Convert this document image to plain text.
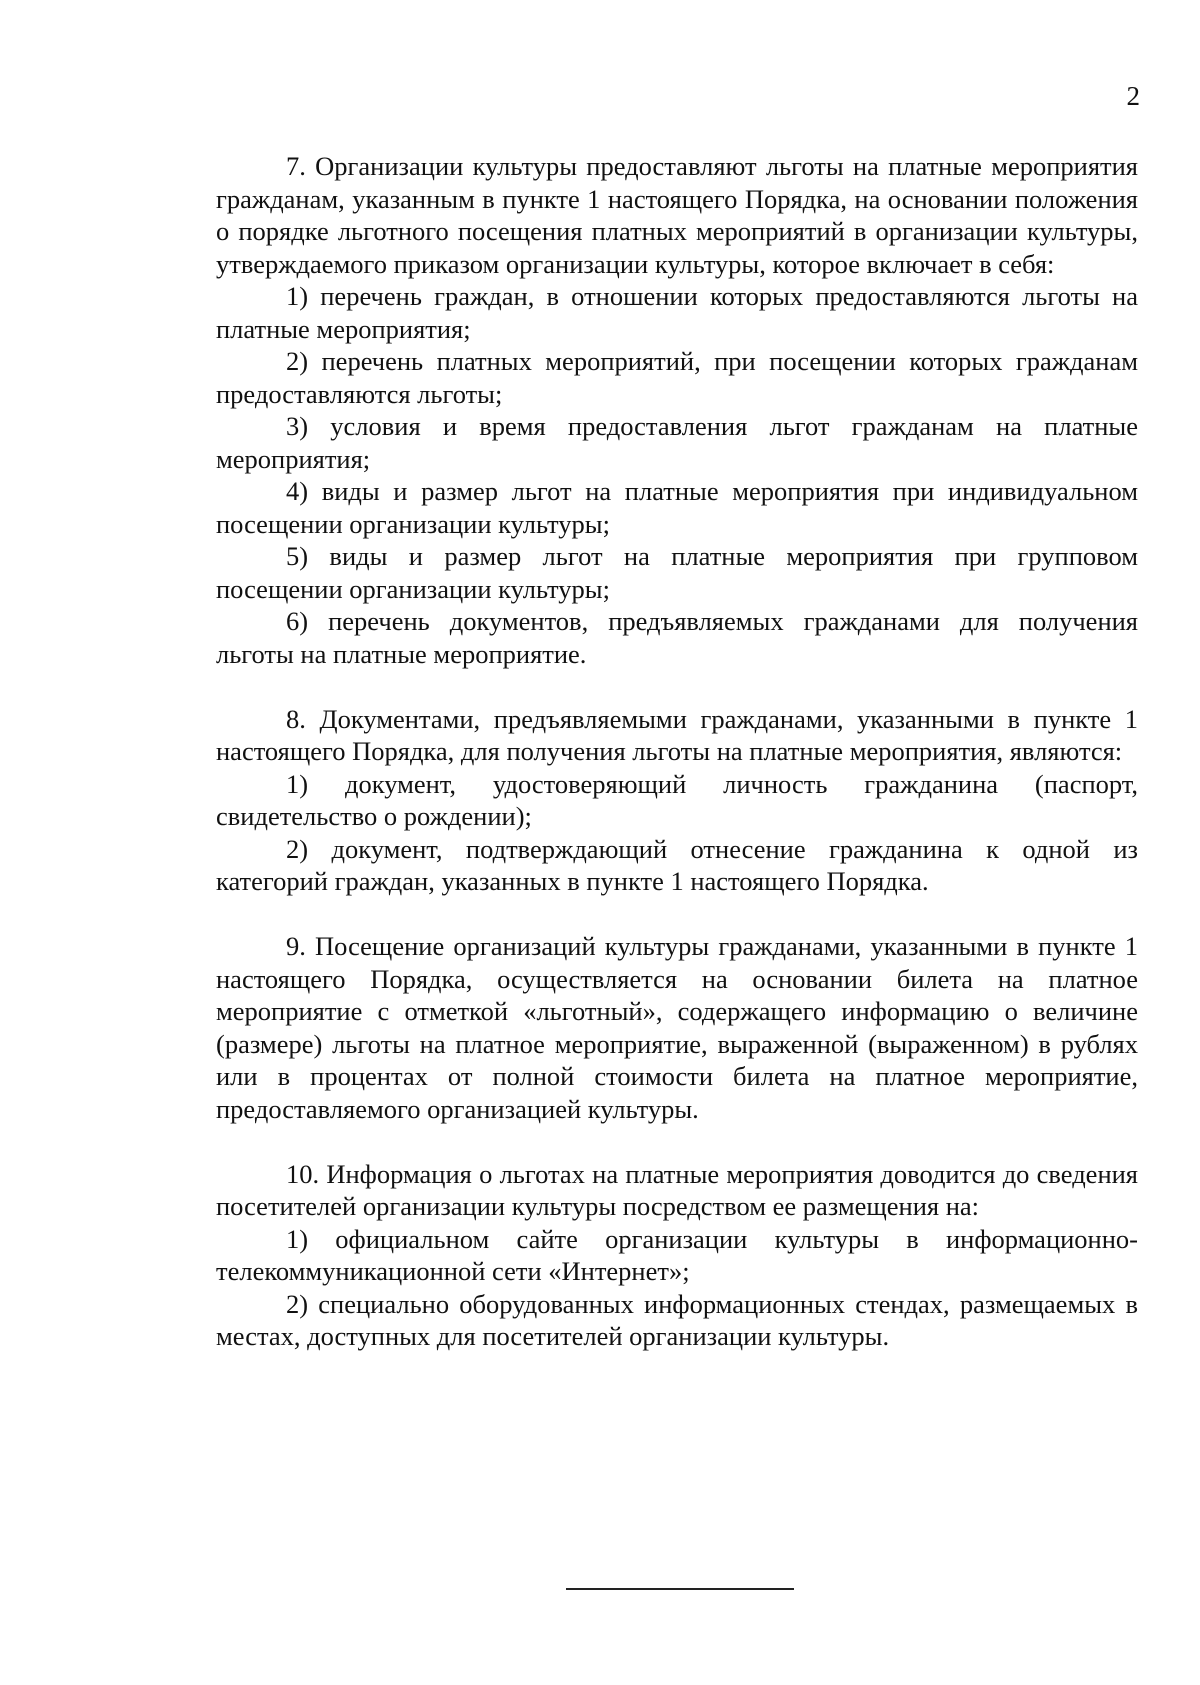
2

7. Организации культуры предоставляют льготы на платные мероприятия гражданам, указанным в пункте 1 настоящего Порядка, на основании положения о порядке льготного посещения платных мероприятий в организации культуры, утверждаемого приказом организации культуры, которое включает в себя:

1) перечень граждан, в отношении которых предоставляются льготы на платные мероприятия;

2) перечень платных мероприятий, при посещении которых гражданам предоставляются льготы;

3) условия и время предоставления льгот гражданам на платные мероприятия;

4) виды и размер льгот на платные мероприятия при индивидуальном посещении организации культуры;

5) виды и размер льгот на платные мероприятия при групповом посещении организации культуры;

6) перечень документов, предъявляемых гражданами для получения льготы на платные мероприятие.

8. Документами, предъявляемыми гражданами, указанными в пункте 1 настоящего Порядка, для получения льготы на платные мероприятия, являются:

1) документ, удостоверяющий личность гражданина (паспорт, свидетельство о рождении);

2) документ, подтверждающий отнесение гражданина к одной из категорий граждан, указанных в пункте 1 настоящего Порядка.

9. Посещение организаций культуры гражданами, указанными в пункте 1 настоящего Порядка, осуществляется на основании билета на платное мероприятие с отметкой «льготный», содержащего информацию о величине (размере) льготы на платное мероприятие, выраженной (выраженном) в рублях или в процентах от полной стоимости билета на платное мероприятие, предоставляемого организацией культуры.

10. Информация о льготах на платные мероприятия доводится до сведения посетителей организации культуры посредством ее размещения на:

1) официальном сайте организации культуры в информационно-телекоммуникационной сети «Интернет»;

2) специально оборудованных информационных стендах, размещаемых в местах, доступных для посетителей организации культуры.
